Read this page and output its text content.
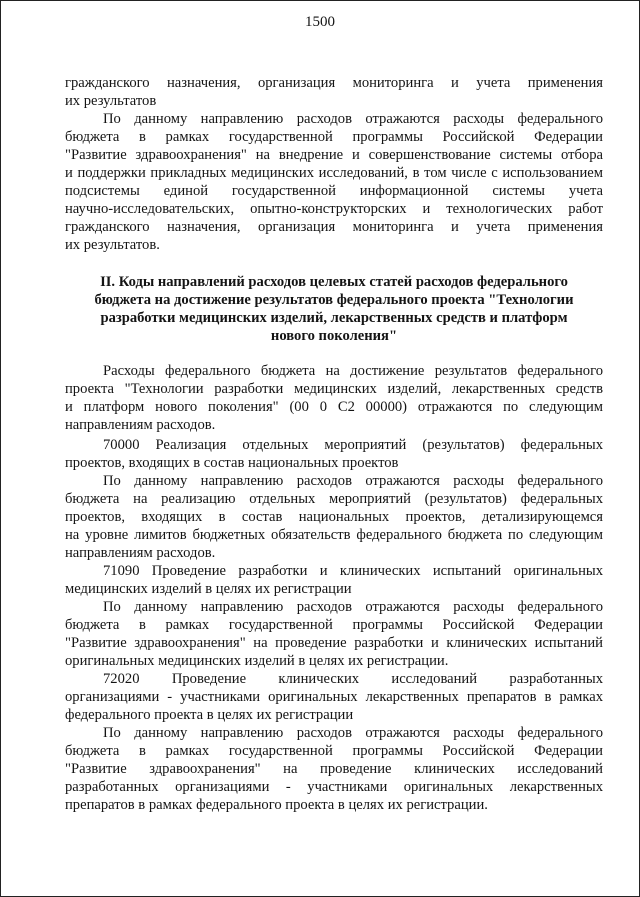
1500
гражданского назначения, организация мониторинга и учета применения
их результатов
По данному направлению расходов отражаются расходы федерального
бюджета в рамках государственной программы Российской Федерации
"Развитие здравоохранения" на внедрение и совершенствование системы отбора
и поддержки прикладных медицинских исследований, в том числе с использованием
подсистемы единой государственной информационной системы учета
научно-исследовательских, опытно-конструкторских и технологических работ
гражданского назначения, организация мониторинга и учета применения
их результатов.
II. Коды направлений расходов целевых статей расходов федерального
бюджета на достижение результатов федерального проекта "Технологии
разработки медицинских изделий, лекарственных средств и платформ
нового поколения"
Расходы федерального бюджета на достижение результатов федерального
проекта "Технологии разработки медицинских изделий, лекарственных средств
и платформ нового поколения" (00 0 С2 00000) отражаются по следующим
направлениям расходов.
70000 Реализация отдельных мероприятий (результатов) федеральных
проектов, входящих в состав национальных проектов
По данному направлению расходов отражаются расходы федерального
бюджета на реализацию отдельных мероприятий (результатов) федеральных
проектов, входящих в состав национальных проектов, детализирующемся
на уровне лимитов бюджетных обязательств федерального бюджета по следующим
направлениям расходов.
71090 Проведение разработки и клинических испытаний оригинальных
медицинских изделий в целях их регистрации
По данному направлению расходов отражаются расходы федерального
бюджета в рамках государственной программы Российской Федерации
"Развитие здравоохранения" на проведение разработки и клинических испытаний
оригинальных медицинских изделий в целях их регистрации.
72020 Проведение клинических исследований разработанных
организациями - участниками оригинальных лекарственных препаратов в рамках
федерального проекта в целях их регистрации
По данному направлению расходов отражаются расходы федерального
бюджета в рамках государственной программы Российской Федерации
"Развитие здравоохранения" на проведение клинических исследований
разработанных организациями - участниками оригинальных лекарственных
препаратов в рамках федерального проекта в целях их регистрации.
